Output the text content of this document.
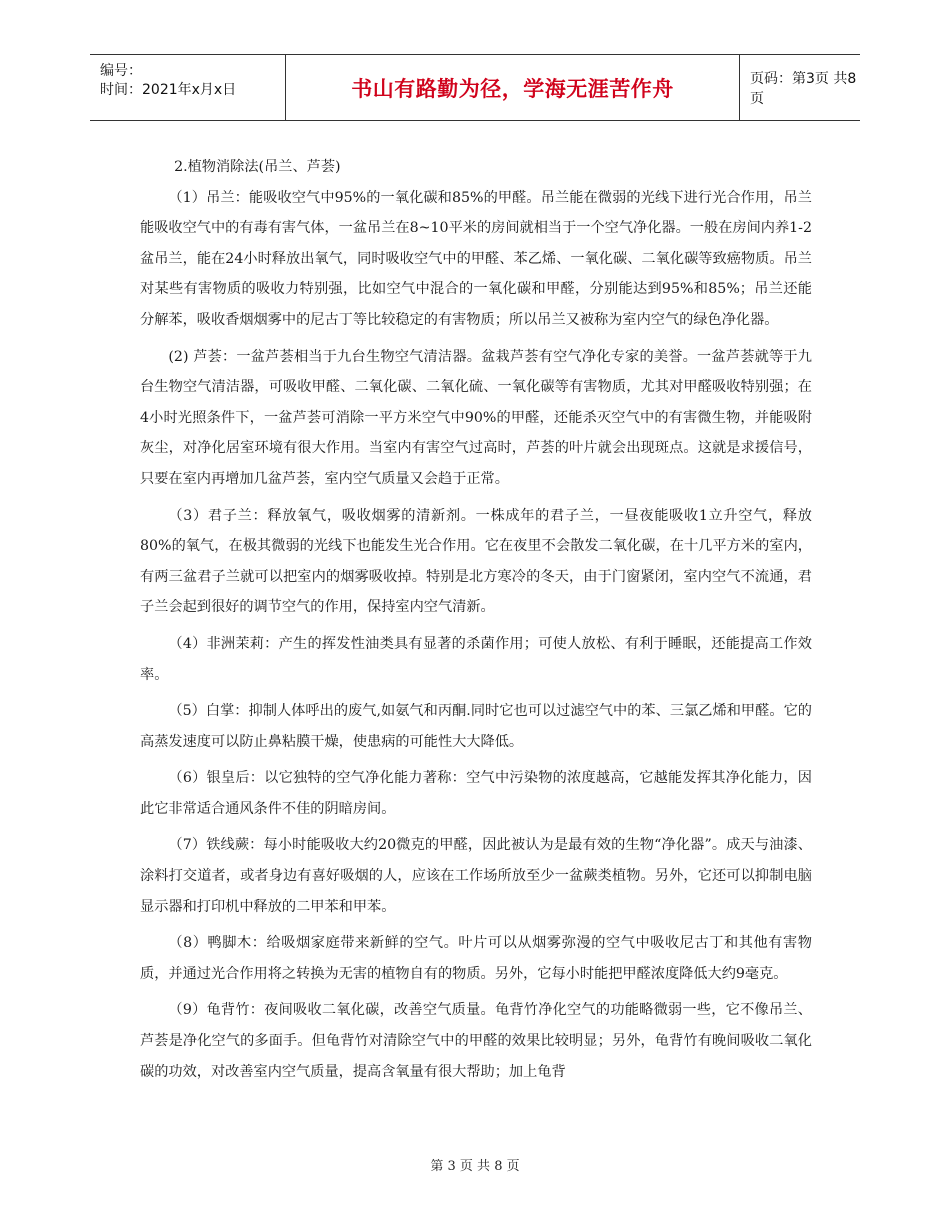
编号：
时间：2021年x月x日	书山有路勤为径，学海无涯苦作舟	页码：第3页 共8页

2.植物消除法(吊兰、芦荟)

（1）吊兰：能吸收空气中95%的一氧化碳和85%的甲醛。吊兰能在微弱的光线下进行光合作用，吊兰能吸收空气中的有毒有害气体，一盆吊兰在8~10平米的房间就相当于一个空气净化器。一般在房间内养1-2盆吊兰，能在24小时释放出氧气，同时吸收空气中的甲醛、苯乙烯、一氧化碳、二氧化碳等致癌物质。吊兰对某些有害物质的吸收力特别强，比如空气中混合的一氧化碳和甲醛，分别能达到95%和85%；吊兰还能分解苯，吸收香烟烟雾中的尼古丁等比较稳定的有害物质；所以吊兰又被称为室内空气的绿色净化器。

(2) 芦荟：一盆芦荟相当于九台生物空气清洁器。盆栽芦荟有空气净化专家的美誉。一盆芦荟就等于九台生物空气清洁器，可吸收甲醛、二氧化碳、二氧化硫、一氧化碳等有害物质，尤其对甲醛吸收特别强；在4小时光照条件下，一盆芦荟可消除一平方米空气中90%的甲醛，还能杀灭空气中的有害微生物，并能吸附灰尘，对净化居室环境有很大作用。当室内有害空气过高时，芦荟的叶片就会出现斑点。这就是求援信号，只要在室内再增加几盆芦荟，室内空气质量又会趋于正常。

（3）君子兰：释放氧气，吸收烟雾的清新剂。一株成年的君子兰，一昼夜能吸收1立升空气，释放80%的氧气，在极其微弱的光线下也能发生光合作用。它在夜里不会散发二氧化碳，在十几平方米的室内，有两三盆君子兰就可以把室内的烟雾吸收掉。特别是北方寒冷的冬天，由于门窗紧闭，室内空气不流通，君子兰会起到很好的调节空气的作用，保持室内空气清新。

（4）非洲茉莉：产生的挥发性油类具有显著的杀菌作用；可使人放松、有利于睡眠，还能提高工作效率。

（5）白掌：抑制人体呼出的废气,如氨气和丙酮.同时它也可以过滤空气中的苯、三氯乙烯和甲醛。它的高蒸发速度可以防止鼻粘膜干燥，使患病的可能性大大降低。

（6）银皇后：以它独特的空气净化能力著称：空气中污染物的浓度越高，它越能发挥其净化能力，因此它非常适合通风条件不佳的阴暗房间。

（7）铁线蕨：每小时能吸收大约20微克的甲醛，因此被认为是最有效的生物“净化器”。成天与油漆、涂料打交道者，或者身边有喜好吸烟的人，应该在工作场所放至少一盆蕨类植物。另外，它还可以抑制电脑显示器和打印机中释放的二甲苯和甲苯。

（8）鸭脚木：给吸烟家庭带来新鲜的空气。叶片可以从烟雾弥漫的空气中吸收尼古丁和其他有害物质，并通过光合作用将之转换为无害的植物自有的物质。另外，它每小时能把甲醛浓度降低大约9毫克。

（9）龟背竹：夜间吸收二氧化碳，改善空气质量。龟背竹净化空气的功能略微弱一些，它不像吊兰、芦荟是净化空气的多面手。但龟背竹对清除空气中的甲醛的效果比较明显；另外，龟背竹有晚间吸收二氧化碳的功效，对改善室内空气质量，提高含氧量有很大帮助；加上龟背

第 3 页 共 8 页
